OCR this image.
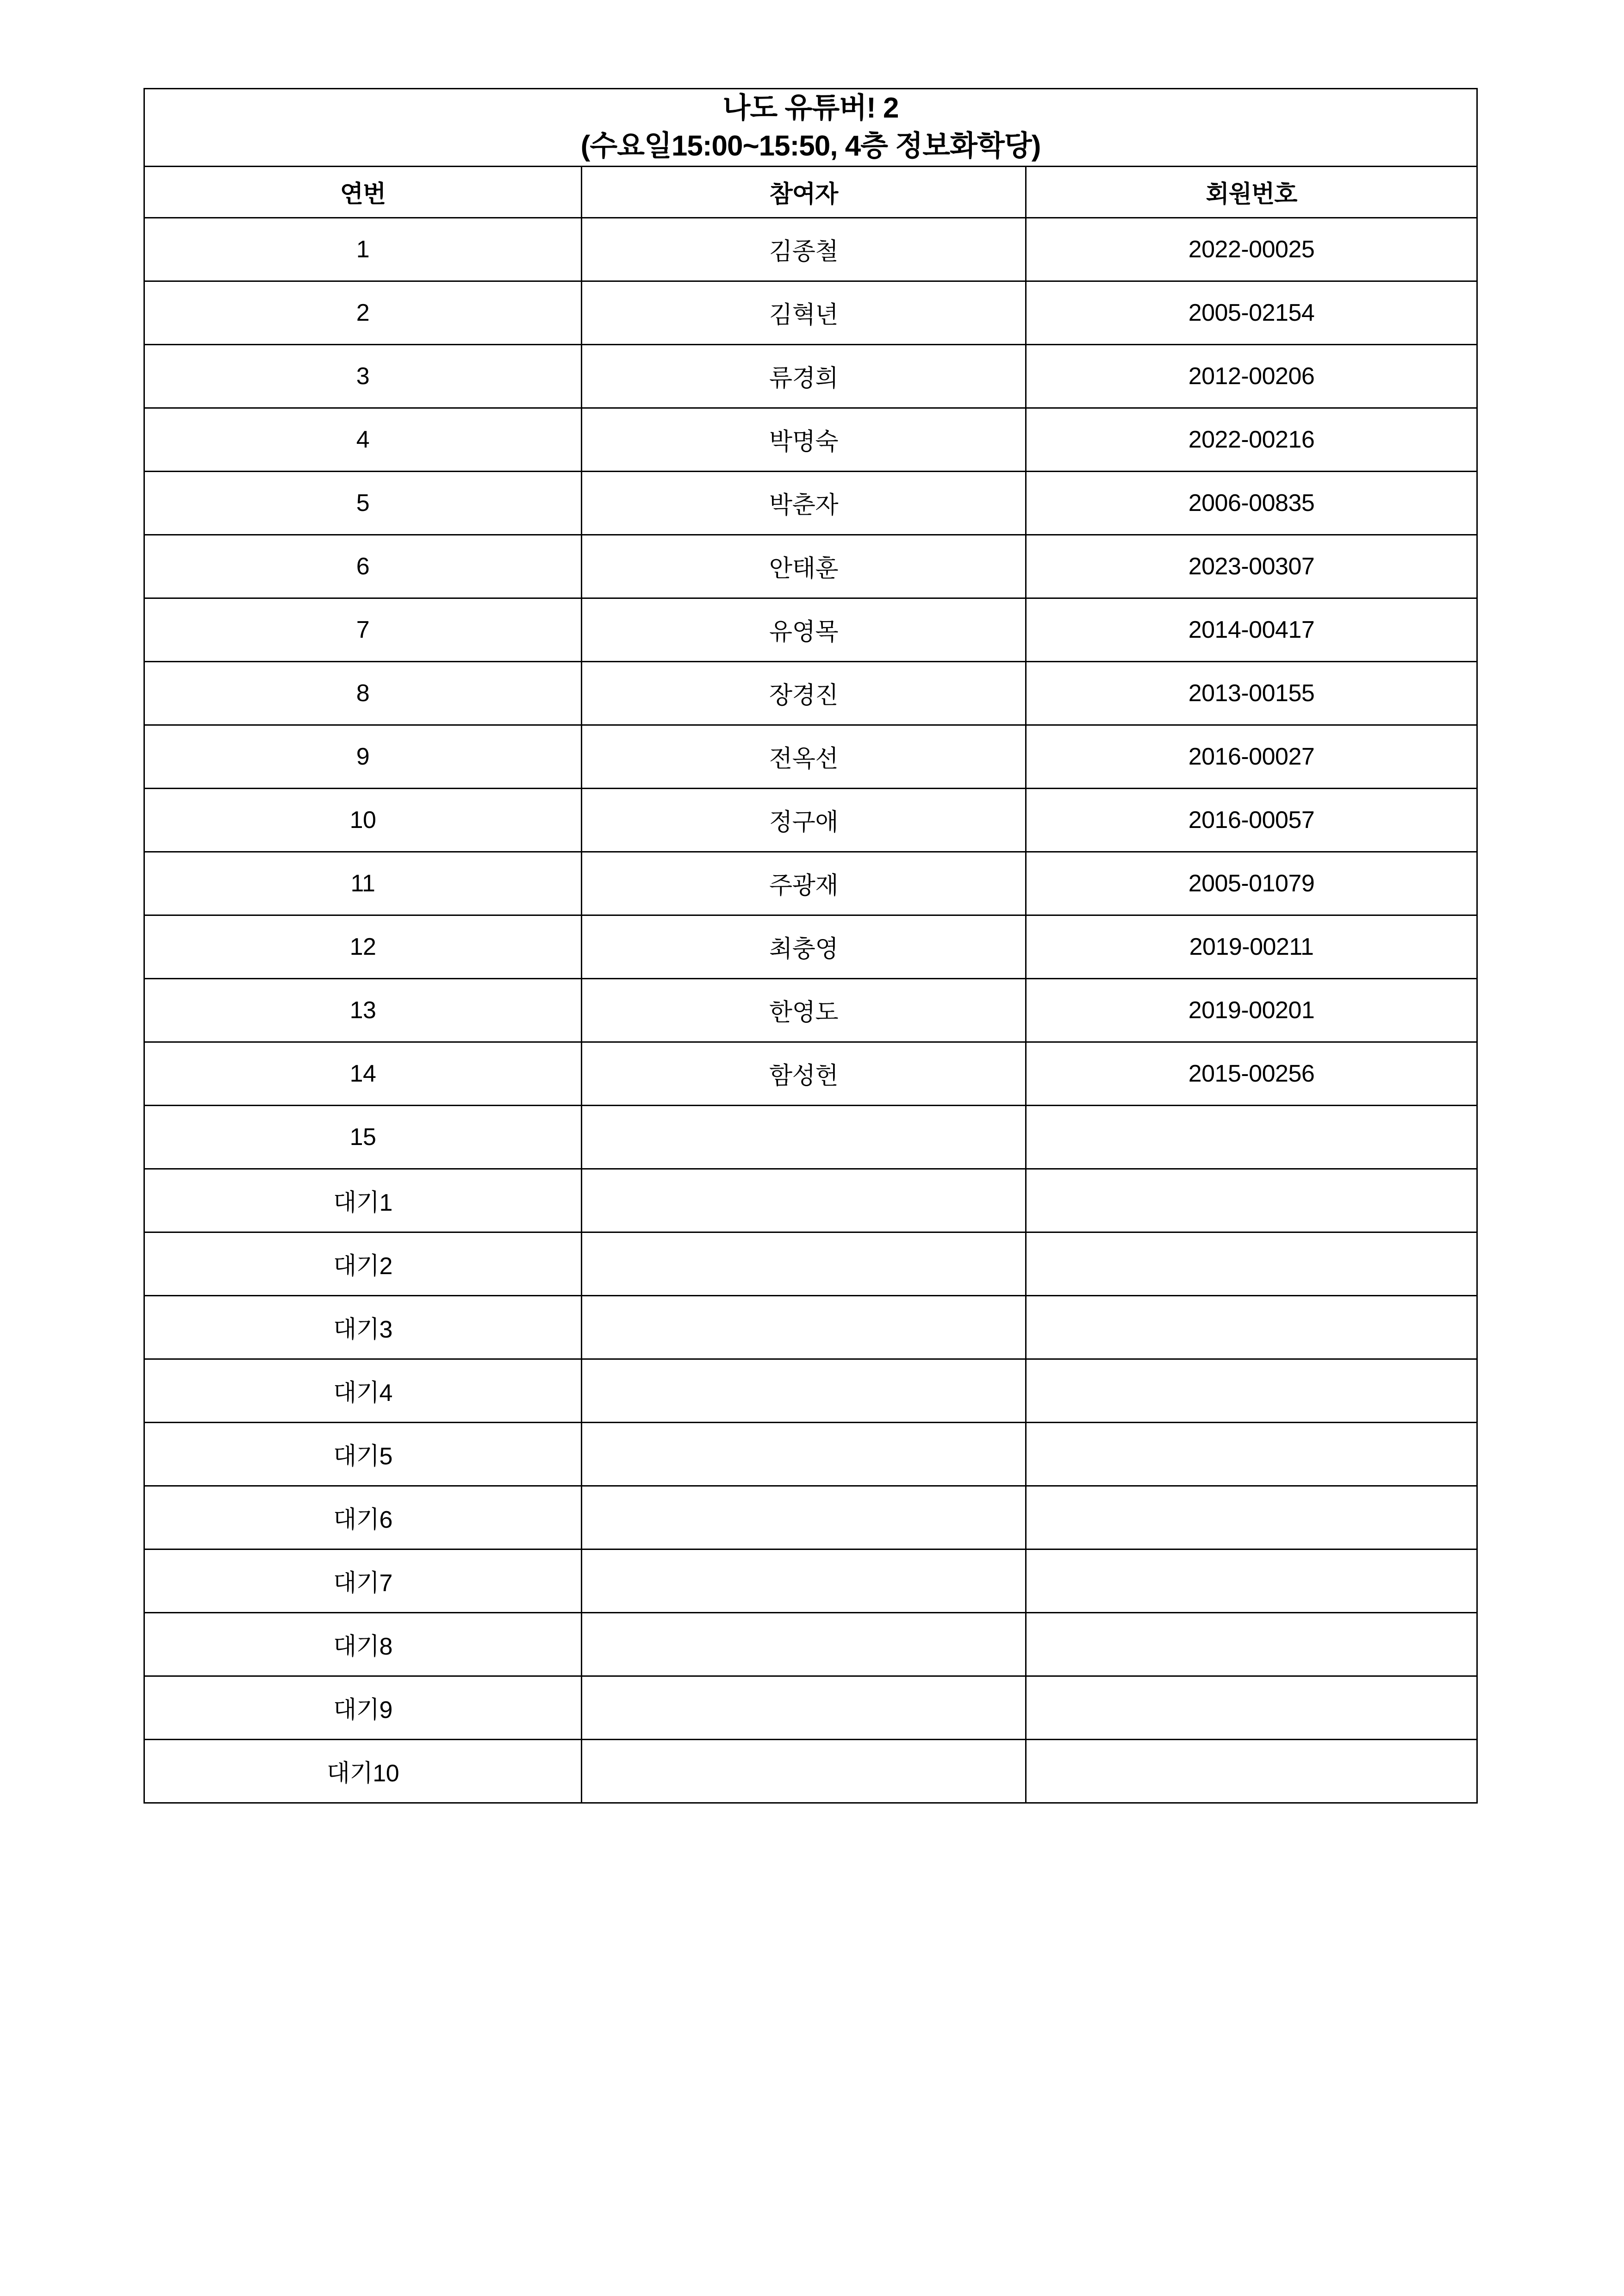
나도 유튜버! 2
(수요일15:00~15:50, 4층 정보화학당)		

연번	참여자	회원번호
1	김종철	2022-00025
2	김혁년	2005-02154
3	류경희	2012-00206
4	박명숙	2022-00216
5	박춘자	2006-00835
6	안태훈	2023-00307
7	유영목	2014-00417
8	장경진	2013-00155
9	전옥선	2016-00027
10	정구애	2016-00057
11	주광재	2005-01079
12	최충영	2019-00211
13	한영도	2019-00201
14	함성헌	2015-00256
15		
대기1		
대기2		
대기3		
대기4		
대기5		
대기6		
대기7		
대기8		
대기9		
대기10		
